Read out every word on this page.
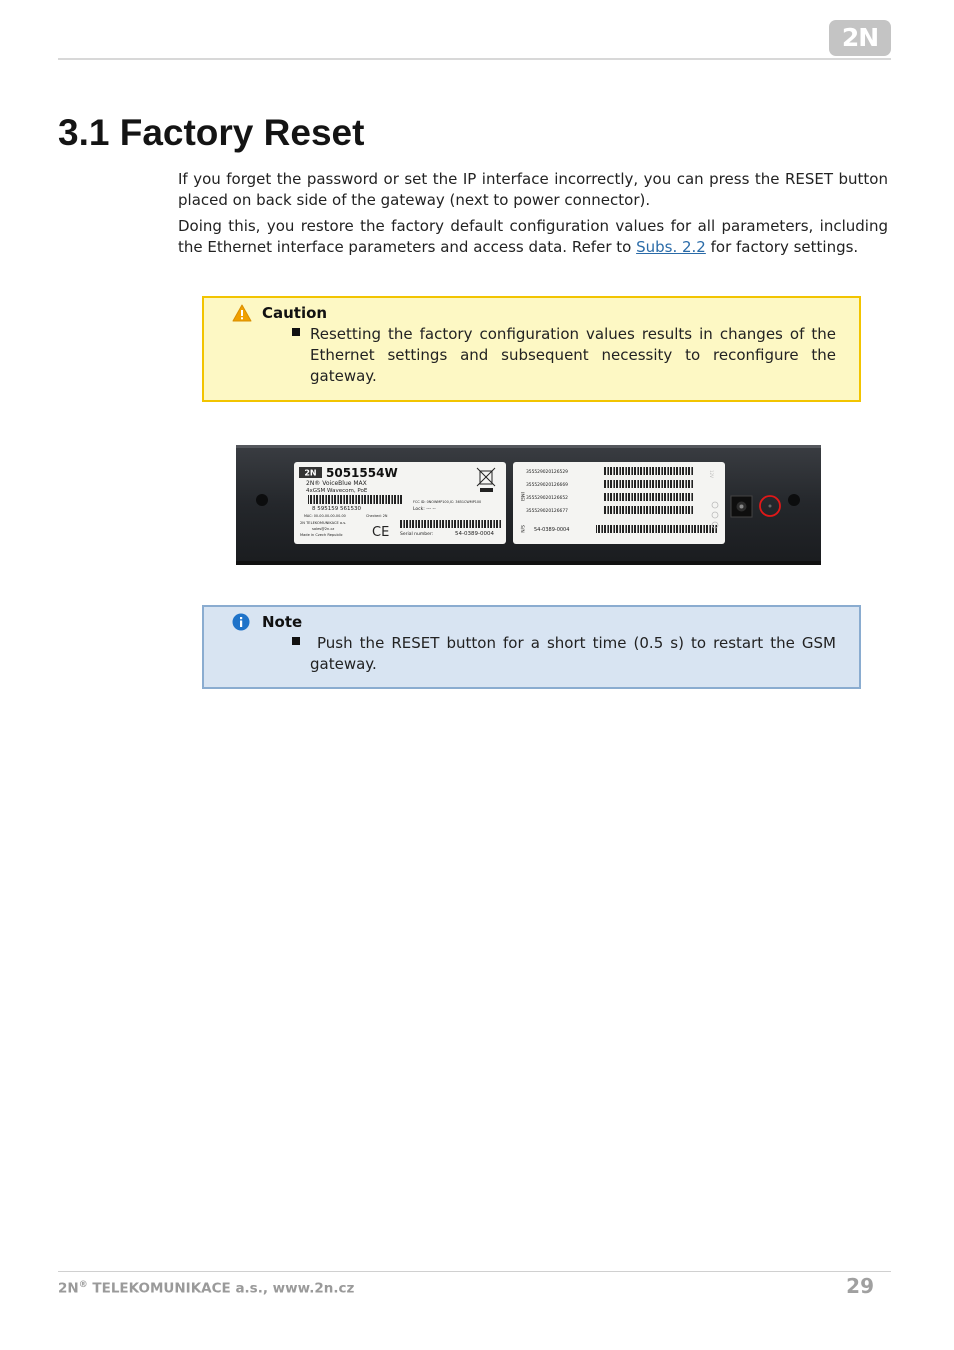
2N
3.1 Factory Reset

If you forget the password or set the IP interface incorrectly, you can press the RESET button placed on back side of the gateway (next to power connector).

Doing this, you restore the factory default configuration values for all parameters, including the Ethernet interface parameters and access data. Refer to Subs. 2.2 for factory settings.

Caution

Resetting the factory configuration values results in changes of the Ethernet settings and subsequent necessity to reconfigure the gateway.

2N 5051554W
2N® VoiceBlue MAX
4xGSM Wavecom, PoE
8 595159 561530
MAC: 00-00-00-00-00-00	Checked: 2N
FCC ID: 0NOWMP100,IC: 3651CWMP100
Lock: --- --
2N TELEKOMUNIKACE a.s.
sales@2n.cz
Made in Czech Republic CE Serial number:	54-0389-0004
IMEI
355529020126529
355529020126669
355529020126652
355529020126677
S/N 54-0389-0004
12V
Note

Push the RESET button for a short time (0.5 s) to restart the GSM gateway.

2N® TELEKOMUNIKACE a.s., www.2n.cz	29
